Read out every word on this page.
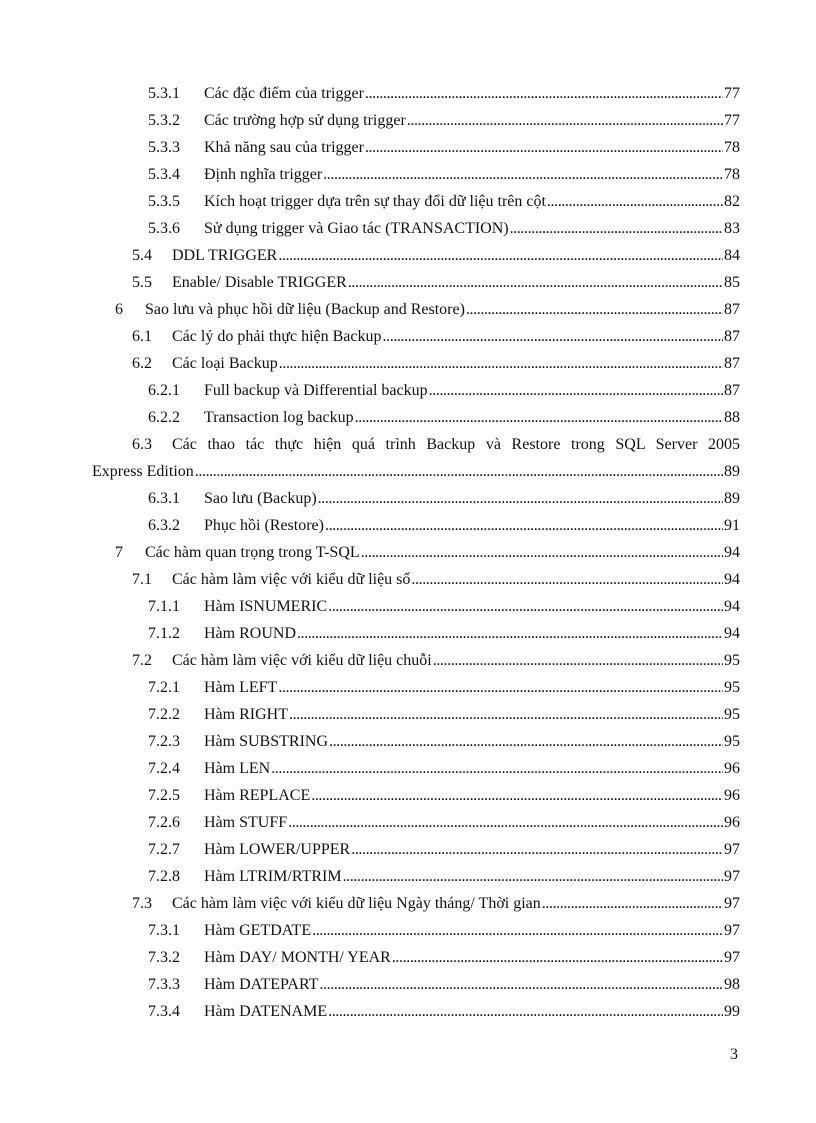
5.3.1	Các đặc điểm của trigger . . .	77
5.3.2	Các trường hợp sử dụng trigger . . .	77
5.3.3	Khả năng sau của trigger . . .	78
5.3.4	Định nghĩa trigger . . .	78
5.3.5	Kích hoạt trigger dựa trên sự thay đổi dữ liệu trên cột . . .	82
5.3.6	Sử dụng trigger và Giao tác (TRANSACTION) . . .	83
5.4	DDL TRIGGER . . .	84
5.5	Enable/ Disable TRIGGER . . .	85
6	Sao lưu và phục hồi dữ liệu (Backup and Restore) . . .	87
6.1	Các lý do phải thực hiện Backup . . .	87
6.2	Các loại Backup . . .	87
6.2.1	Full backup và Differential backup . . .	87
6.2.2	Transaction log backup . . .	88
6.3	Các thao tác thực hiện quá trình Backup và Restore trong SQL Server 2005
Express Edition . . .	89
6.3.1	Sao lưu (Backup) . . .	89
6.3.2	Phục hồi (Restore) . . .	91
7	Các hàm quan trọng trong T-SQL . . .	94
7.1	Các hàm làm việc với kiểu dữ liệu số . . .	94
7.1.1	Hàm ISNUMERIC . . .	94
7.1.2	Hàm ROUND . . .	94
7.2	Các hàm làm việc với kiểu dữ liệu chuỗi . . .	95
7.2.1	Hàm LEFT . . .	95
7.2.2	Hàm RIGHT . . .	95
7.2.3	Hàm SUBSTRING . . .	95
7.2.4	Hàm LEN . . .	96
7.2.5	Hàm REPLACE . . .	96
7.2.6	Hàm STUFF . . .	96
7.2.7	Hàm LOWER/UPPER . . .	97
7.2.8	Hàm LTRIM/RTRIM . . .	97
7.3	Các hàm làm việc với kiểu dữ liệu Ngày tháng/ Thời gian . . .	97
7.3.1	Hàm GETDATE . . .	97
7.3.2	Hàm DAY/ MONTH/ YEAR . . .	97
7.3.3	Hàm DATEPART . . .	98
7.3.4	Hàm DATENAME . . .	99
3
